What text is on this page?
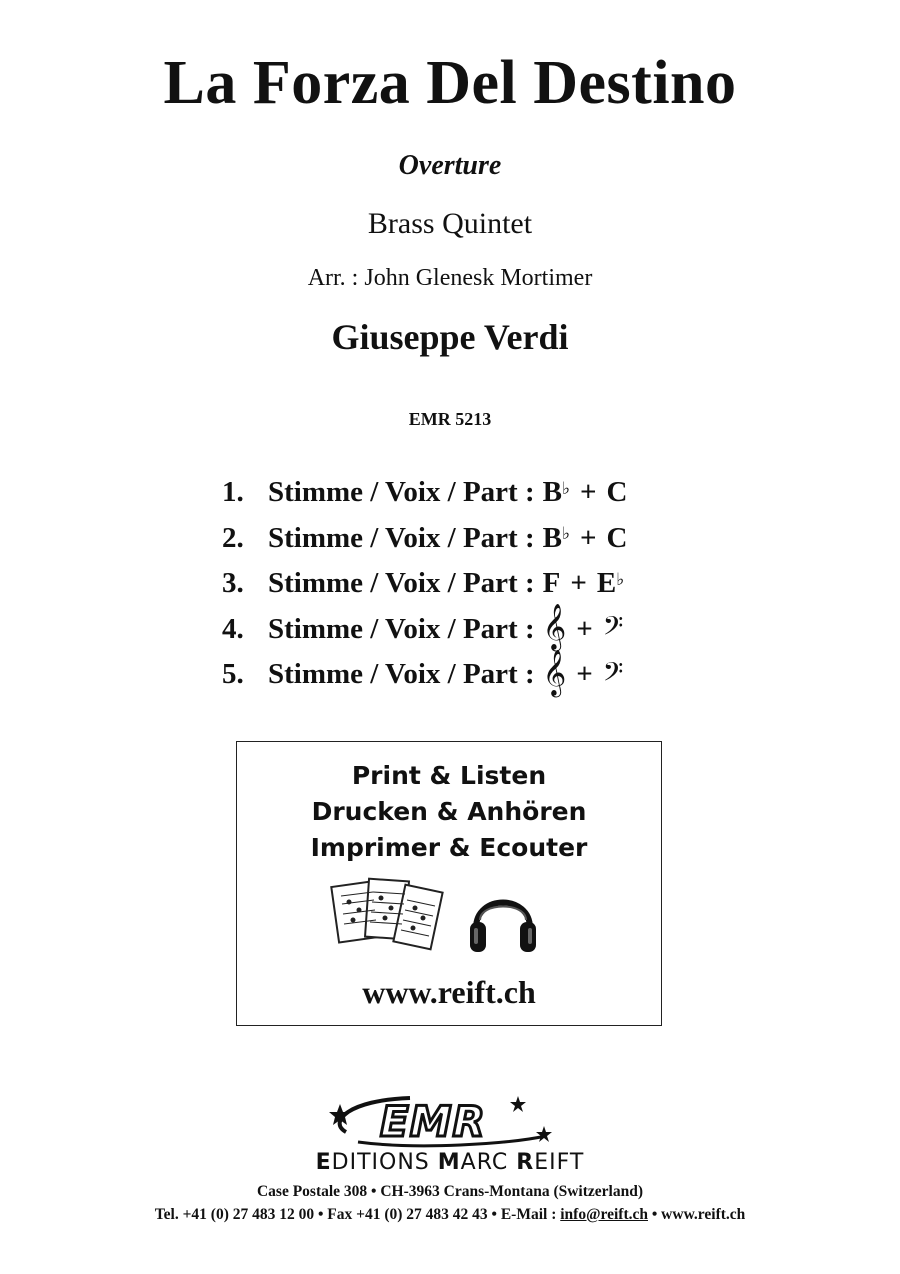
La Forza Del Destino
Overture
Brass Quintet
Arr. : John Glenesk Mortimer
Giuseppe Verdi
EMR 5213
1. Stimme / Voix / Part : B♭ + C
2. Stimme / Voix / Part : B♭ + C
3. Stimme / Voix / Part : F + E♭
4. Stimme / Voix / Part : 𝄞 + 𝄢
5. Stimme / Voix / Part : 𝄞 + 𝄢
Print & Listen
Drucken & Anhören
Imprimer & Ecouter
www.reift.ch
EMR
EDITIONS MARC REIFT
Case Postale 308 • CH-3963 Crans-Montana (Switzerland)
Tel. +41 (0) 27 483 12 00 • Fax +41 (0) 27 483 42 43 • E-Mail : info@reift.ch • www.reift.ch
